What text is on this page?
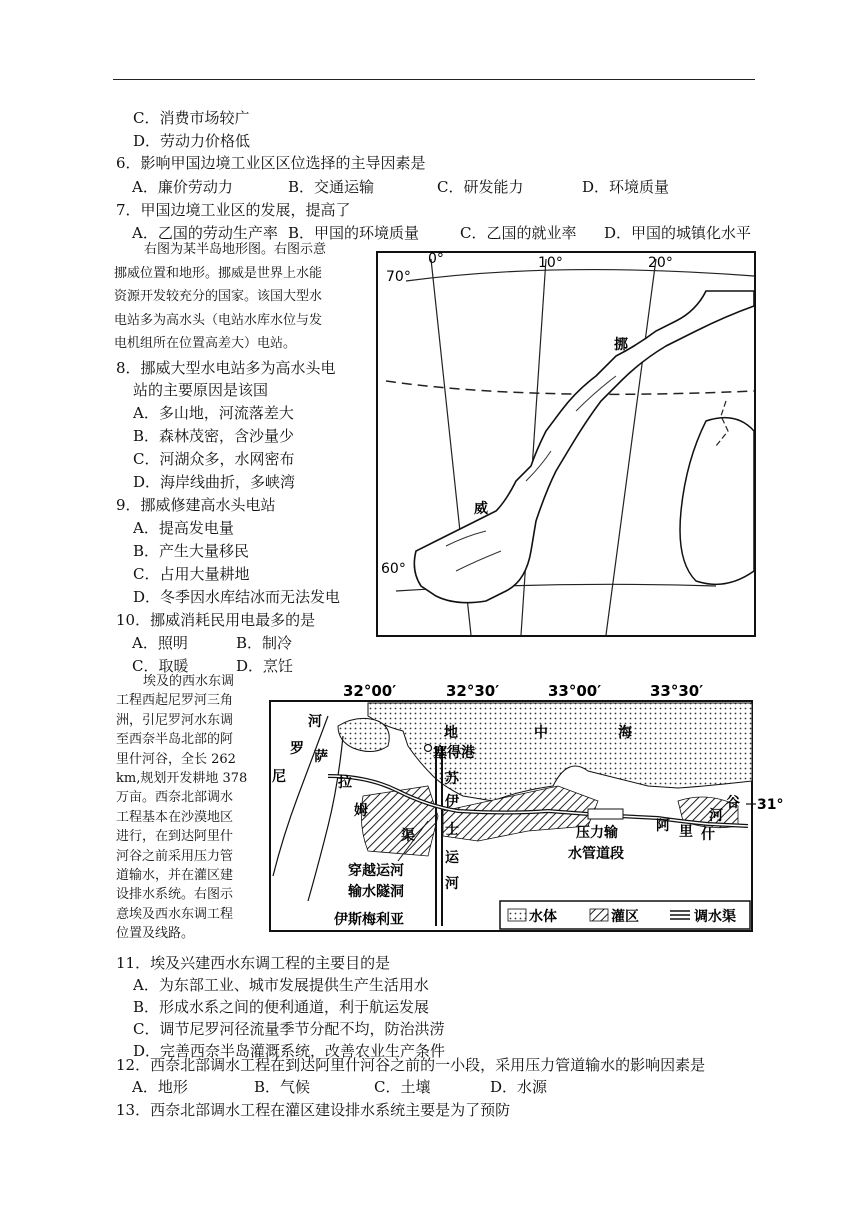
C．消费市场较广
D．劳动力价格低
6．影响甲国边境工业区区位选择的主导因素是
A．廉价劳动力	B．交通运输	C．研发能力	D．环境质量
7．甲国边境工业区的发展，提高了
A．乙国的劳动生产率 B．甲国的环境质量	C．乙国的就业率 D．甲国的城镇化水平
右图为某半岛地形图。右图示意
挪威位置和地形。挪威是世界上水能
资源开发较充分的国家。该国大型水
电站多为高水头（电站水库水位与发
电机组所在位置高差大）电站。
8．挪威大型水电站多为高水头电
站的主要原因是该国
A．多山地，河流落差大
B．森林茂密，含沙量少
C．河湖众多，水网密布
D．海岸线曲折，多峡湾
9．挪威修建高水头电站
A．提高发电量
B．产生大量移民
C．占用大量耕地
D．冬季因水库结冰而无法发电
10．挪威消耗民用电最多的是
A．照明	B．制冷
C．取暖	D．烹饪
0°	10°	20°
70°
60°
挪
威
埃及的西水东调
工程西起尼罗河三角
洲，引尼罗河水东调
至西奈半岛北部的阿
里什河谷，全长 262
km,规划开发耕地 378
万亩。西奈北部调水
工程基本在沙漠地区
进行，在到达阿里什
河谷之前采用压力管
道输水，并在灌区建
设排水系统。右图示
意埃及西水东调工程
位置及线路。
32°00′	32°30′	33°00′	33°30′
31°
地	中	海
塞得港
苏
伊
士
运
河
河
罗
尼
萨
拉
姆
渠
穿越运河
输水隧洞
伊斯梅利亚
压力输
水管道段
阿 里 什
河
谷
水体	灌区	调水渠
11．埃及兴建西水东调工程的主要目的是
A．为东部工业、城市发展提供生产生活用水
B．形成水系之间的便利通道，利于航运发展
C．调节尼罗河径流量季节分配不均，防治洪涝
D．完善西奈半岛灌溉系统，改善农业生产条件
12．西奈北部调水工程在到达阿里什河谷之前的一小段，采用压力管道输水的影响因素是
A．地形	B．气候	C．土壤	D．水源
13．西奈北部调水工程在灌区建设排水系统主要是为了预防
